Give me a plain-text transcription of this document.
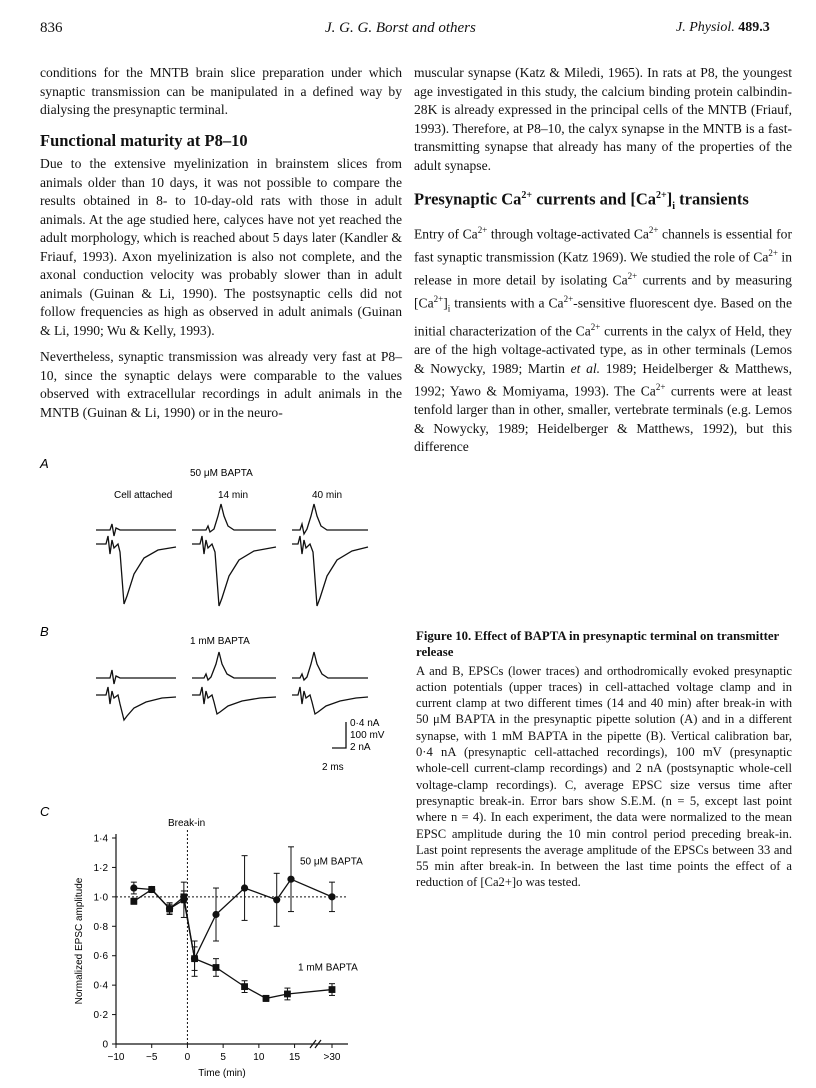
836	J. G. G. Borst and others	J. Physiol. 489.3

conditions for the MNTB brain slice preparation under which synaptic transmission can be manipulated in a defined way by dialysing the presynaptic terminal.

Functional maturity at P8–10

Due to the extensive myelinization in brainstem slices from animals older than 10 days, it was not possible to compare the results obtained in 8- to 10-day-old rats with those in adult animals. At the age studied here, calyces have not yet reached the adult morphology, which is reached about 5 days later (Kandler & Friauf, 1993). Axon myelinization is also not complete, and the axonal conduction velocity was probably slower than in adult animals (Guinan & Li, 1990). The postsynaptic cells did not follow frequencies as high as observed in adult animals (Guinan & Li, 1990; Wu & Kelly, 1993).

Nevertheless, synaptic transmission was already very fast at P8–10, since the synaptic delays were comparable to the values observed with extracellular recordings in adult animals in the MNTB (Guinan & Li, 1990) or in the neuro-

muscular synapse (Katz & Miledi, 1965). In rats at P8, the youngest age investigated in this study, the calcium binding protein calbindin-28K is already expressed in the principal cells of the MNTB (Friauf, 1993). Therefore, at P8–10, the calyx synapse in the MNTB is a fast-transmitting synapse that already has many of the properties of the adult synapse.

Presynaptic $Ca^{2+}$ currents and $[Ca^{2+}]_i$ transients

Entry of $Ca^{2+}$ through voltage-activated $Ca^{2+}$ channels is essential for fast synaptic transmission (Katz 1969). We studied the role of $Ca^{2+}$ in release in more detail by isolating $Ca^{2+}$ currents and by measuring $[Ca^{2+}]_i$ transients with a $Ca^{2+}$-sensitive fluorescent dye. Based on the initial characterization of the $Ca^{2+}$ currents in the calyx of Held, they are of the high voltage-activated type, as in other terminals (Lemos & Nowycky, 1989; Martin et al. 1989; Heidelberger & Matthews, 1992; Yawo & Momiyama, 1993). The $Ca^{2+}$ currents were at least tenfold larger than in other, smaller, vertebrate terminals (e.g. Lemos & Nowycky, 1989; Heidelberger & Matthews, 1992), but this difference

A
50 μM BAPTA
Cell attached	14 min	40 min
B
1 mM BAPTA
0·4 nA
100 mV
2 nA
2 ms
C
Break-in
0
0·2
0·4
0·6
0·8
1·0
1·2
1·4
−10 −5	0	5	10 15 >30
Time (min)
Normalized EPSC amplitude
50 μM BAPTA
1 mM BAPTA
Figure 10. Effect of BAPTA in presynaptic terminal on transmitter release
A and B, EPSCs (lower traces) and orthodromically evoked presynaptic action potentials (upper traces) in cell-attached voltage clamp and in current clamp at two different times (14 and 40 min) after break-in with 50 μM BAPTA in the presynaptic pipette solution (A) and in a different synapse, with 1 mM BAPTA in the pipette (B). Vertical calibration bar, 0·4 nA (presynaptic cell-attached recordings), 100 mV (presynaptic whole-cell current-clamp recordings) and 2 nA (postsynaptic whole-cell voltage-clamp recordings). C, average EPSC size versus time after presynaptic break-in. Error bars show S.E.M. (n = 5, except last point where n = 4). In each experiment, the data were normalized to the mean EPSC amplitude during the 10 min control period preceding break-in. Last point represents the average amplitude of the EPSCs between 33 and 55 min after break-in. In between the last time points the effect of a reduction of [Ca2+]o was tested.
